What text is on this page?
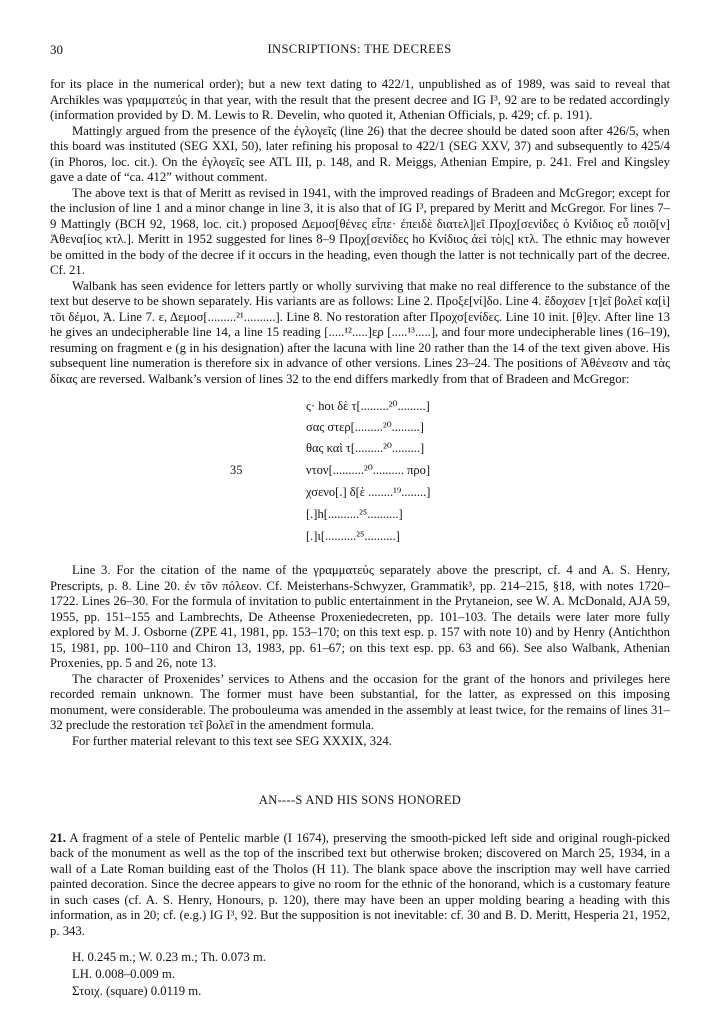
30	INSCRIPTIONS: THE DECREES

for its place in the numerical order); but a new text dating to 422/1, unpublished as of 1989, was said to reveal that Archikles was γραμματεύς in that year, with the result that the present decree and IG I³, 92 are to be redated accordingly (information provided by D. M. Lewis to R. Develin, who quoted it, Athenian Officials, p. 429; cf. p. 191).

Mattingly argued from the presence of the ἐγλογεῖς (line 26) that the decree should be dated soon after 426/5, when this board was instituted (SEG XXI, 50), later refining his proposal to 422/1 (SEG XXV, 37) and subsequently to 425/4 (in Phoros, loc. cit.). On the ἐγλογεῖς see ATL III, p. 148, and R. Meiggs, Athenian Empire, p. 241. Frel and Kingsley gave a date of “ca. 412” without comment.

The above text is that of Meritt as revised in 1941, with the improved readings of Bradeen and McGregor; except for the inclusion of line 1 and a minor change in line 3, it is also that of IG I³, prepared by Meritt and McGregor. For lines 7–9 Mattingly (BCH 92, 1968, loc. cit.) proposed Δεμοσ[θένες εἶπε· ἐπειδὲ διατελ]|εῖ Προχ[σενίδες ὁ Κνίδιος εὖ ποιõ[ν] Ἀθενα[ίος κτλ.]. Meritt in 1952 suggested for lines 8–9 Προχ[σενίδες ho Κνίδιος ἀεὶ τὸ|ς] κτλ. The ethnic may however be omitted in the body of the decree if it occurs in the heading, even though the latter is not technically part of the decree. Cf. 21.

Walbank has seen evidence for letters partly or wholly surviving that make no real difference to the substance of the text but deserve to be shown separately. His variants are as follows: Line 2. Προξε[νί]δο. Line 4. ἔδοχσεν [τ]ε̃ι βολε̃ι κα[ὶ] τõι δέμοι, Ἀ. Line 7. ε, Δεμοσ[.........²¹..........]. Line 8. No restoration after Προχσ[ενίδες. Line 10 init. [θ]ε̣ν. After line 13 he gives an undecipherable line 14, a line 15 reading [.....¹².....]ε̣ρ [.....¹³.....], and four more undecipherable lines (16–19), resuming on fragment e (g in his designation) after the lacuna with line 20 rather than the 14 of the text given above. His subsequent line numeration is therefore six in advance of other versions. Lines 23–24. The positions of Ἀθένεσιν and τὰς δίκας are reversed. Walbank’s version of lines 32 to the end differs markedly from that of Bradeen and McGregor:

ς· hοι δὲ τ[.........²⁰.........]
σας στερ[.........²⁰.........]
θας καὶ τ[.........²⁰.........]
35	ντον[..........²⁰.......... προ]
χσενο[.] δ[ὲ ........¹⁹........]
[.]h[..........²⁵..........]
[.]ι[..........²⁵..........]

Line 3. For the citation of the name of the γραμματεύς separately above the prescript, cf. 4 and A. S. Henry, Prescripts, p. 8. Line 20. ἐν τõν πόλεον. Cf. Meisterhans-Schwyzer, Grammatik³, pp. 214–215, §18, with notes 1720–1722. Lines 26–30. For the formula of invitation to public entertainment in the Prytaneion, see W. A. McDonald, AJA 59, 1955, pp. 151–155 and Lambrechts, De Atheense Proxeniedecreten, pp. 101–103. The details were later more fully explored by M. J. Osborne (ZPE 41, 1981, pp. 153–170; on this text esp. p. 157 with note 10) and by Henry (Antichthon 15, 1981, pp. 100–110 and Chiron 13, 1983, pp. 61–67; on this text esp. pp. 63 and 66). See also Walbank, Athenian Proxenies, pp. 5 and 26, note 13.

The character of Proxenides’ services to Athens and the occasion for the grant of the honors and privileges here recorded remain unknown. The former must have been substantial, for the latter, as expressed on this imposing monument, were considerable. The probouleuma was amended in the assembly at least twice, for the remains of lines 31–32 preclude the restoration τε̃ι βολε̃ι in the amendment formula.

For further material relevant to this text see SEG XXXIX, 324.

AN----S AND HIS SONS HONORED

21. A fragment of a stele of Pentelic marble (I 1674), preserving the smooth-picked left side and original rough-picked back of the monument as well as the top of the inscribed text but otherwise broken; discovered on March 25, 1934, in a wall of a Late Roman building east of the Tholos (H 11). The blank space above the inscription may well have carried painted decoration. Since the decree appears to give no room for the ethnic of the honorand, which is a customary feature in such cases (cf. A. S. Henry, Honours, p. 120), there may have been an upper molding bearing a heading with this information, as in 20; cf. (e.g.) IG I³, 92. But the supposition is not inevitable: cf. 30 and B. D. Meritt, Hesperia 21, 1952, p. 343.

H. 0.245 m.; W. 0.23 m.; Th. 0.073 m.
LH. 0.008–0.009 m.
Στοιχ. (square) 0.0119 m.
